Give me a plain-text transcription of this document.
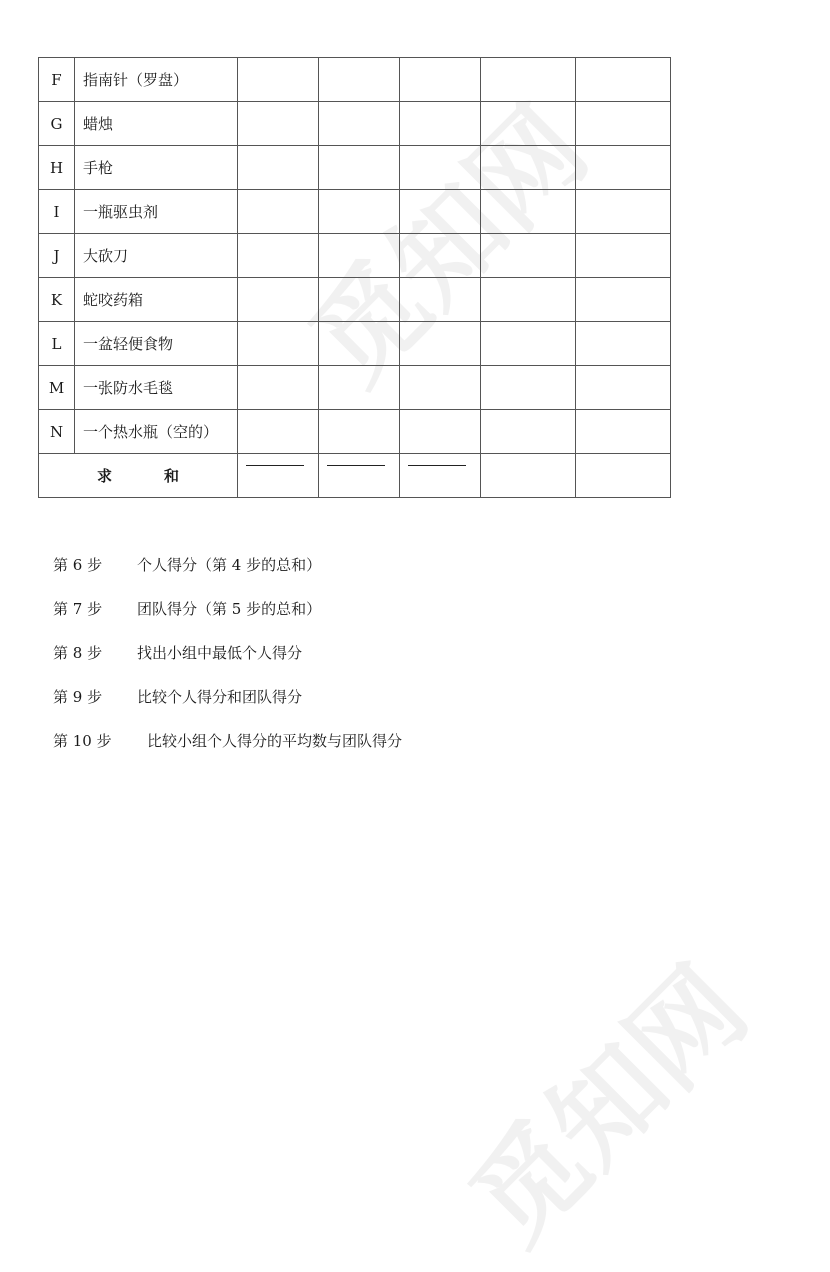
觅知网
觅知网
F	指南针（罗盘）					
G	蜡烛					
H	手枪					
I	一瓶驱虫剂					
J	大砍刀					
K	蛇咬药箱					
L	一盆轻便食物					
M	一张防水毛毯					
N	一个热水瓶（空的）					
求 和		

第 6 步	个人得分（第 4 步的总和）
第 7 步	团队得分（第 5 步的总和）
第 8 步	找出小组中最低个人得分
第 9 步	比较个人得分和团队得分
第 10 步	比较小组个人得分的平均数与团队得分
